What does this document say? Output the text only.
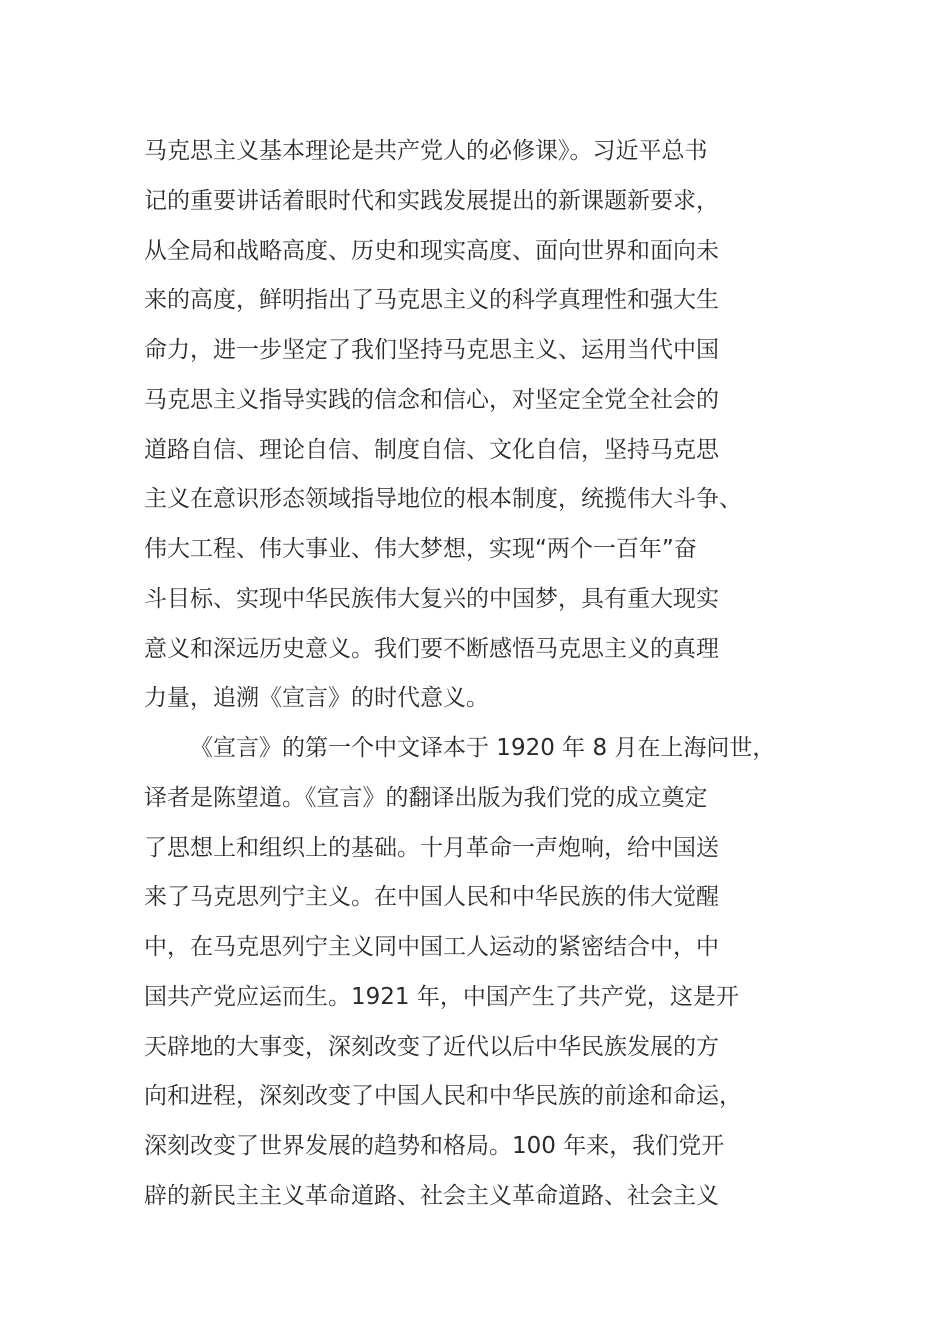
马克思主义基本理论是共产党人的必修课》。习近平总书
记的重要讲话着眼时代和实践发展提出的新课题新要求，
从全局和战略高度、历史和现实高度、面向世界和面向未
来的高度，鲜明指出了马克思主义的科学真理性和强大生
命力，进一步坚定了我们坚持马克思主义、运用当代中国
马克思主义指导实践的信念和信心，对坚定全党全社会的
道路自信、理论自信、制度自信、文化自信，坚持马克思
主义在意识形态领域指导地位的根本制度，统揽伟大斗争、
伟大工程、伟大事业、伟大梦想，实现“两个一百年”奋
斗目标、实现中华民族伟大复兴的中国梦，具有重大现实
意义和深远历史意义。我们要不断感悟马克思主义的真理
力量，追溯《宣言》的时代意义。
《宣言》的第一个中文译本于 1920 年 8 月在上海问世，
译者是陈望道。《宣言》的翻译出版为我们党的成立奠定
了思想上和组织上的基础。十月革命一声炮响，给中国送
来了马克思列宁主义。在中国人民和中华民族的伟大觉醒
中，在马克思列宁主义同中国工人运动的紧密结合中，中
国共产党应运而生。1921 年，中国产生了共产党，这是开
天辟地的大事变，深刻改变了近代以后中华民族发展的方
向和进程，深刻改变了中国人民和中华民族的前途和命运，
深刻改变了世界发展的趋势和格局。100 年来，我们党开
辟的新民主主义革命道路、社会主义革命道路、社会主义
